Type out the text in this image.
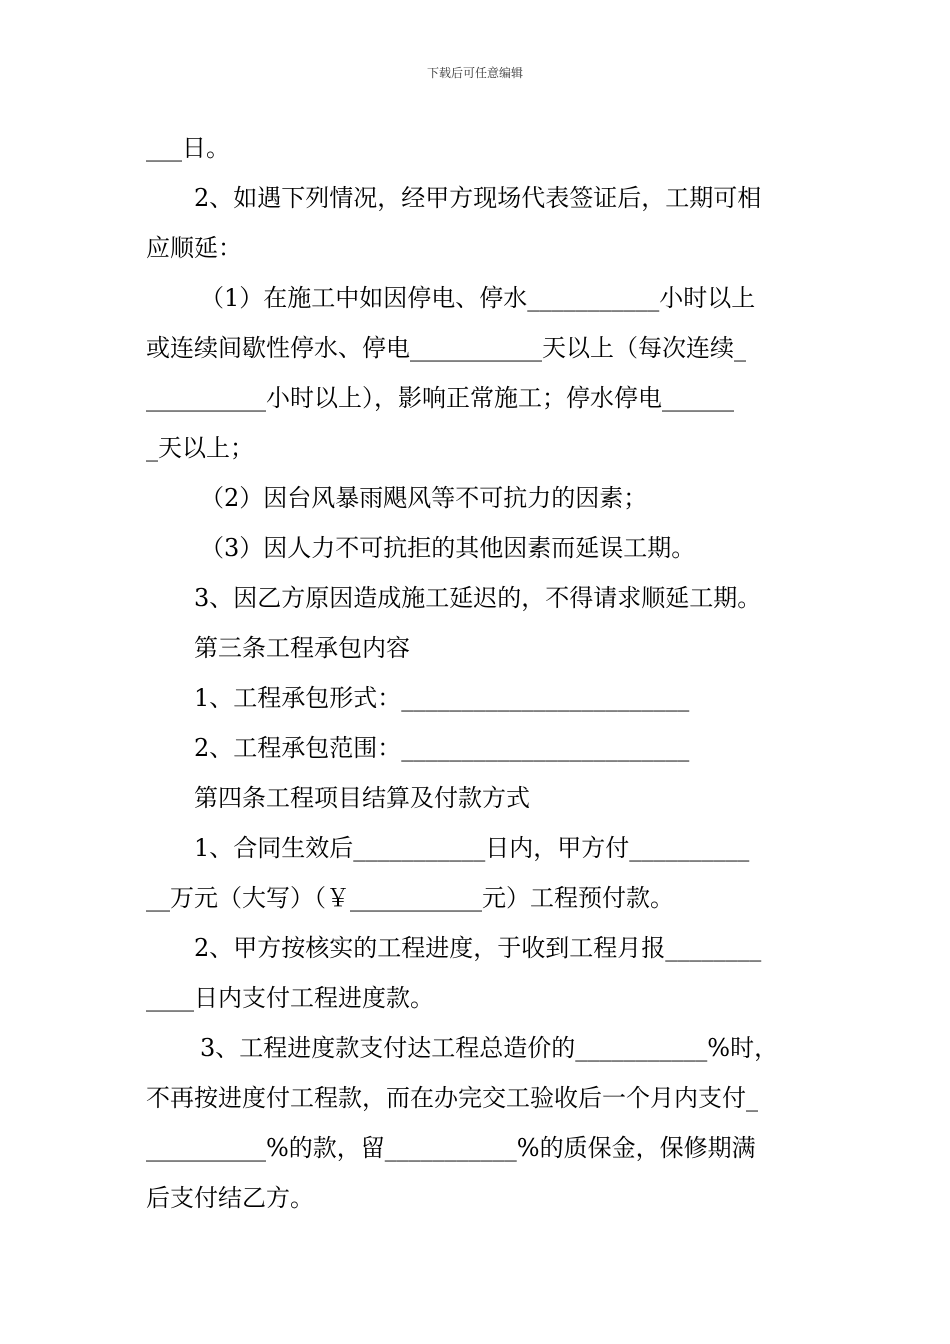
下载后可任意编辑
___日。
2、如遇下列情况，经甲方现场代表签证后，工期可相
应顺延：
（1）在施工中如因停电、停水___________小时以上
或连续间歇性停水、停电___________天以上（每次连续_
__________小时以上），影响正常施工；停水停电______
_天以上；
（2）因台风暴雨飓风等不可抗力的因素；
（3）因人力不可抗拒的其他因素而延误工期。
3、因乙方原因造成施工延迟的，不得请求顺延工期。
第三条工程承包内容
1、工程承包形式：________________________
2、工程承包范围：________________________
第四条工程项目结算及付款方式
1、合同生效后___________日内，甲方付__________
__万元（大写）（￥___________元）工程预付款。
2、甲方按核实的工程进度，于收到工程月报________
____日内支付工程进度款。
3、工程进度款支付达工程总造价的___________%时，
不再按进度付工程款，而在办完交工验收后一个月内支付_
__________%的款，留___________%的质保金，保修期满
后支付结乙方。
